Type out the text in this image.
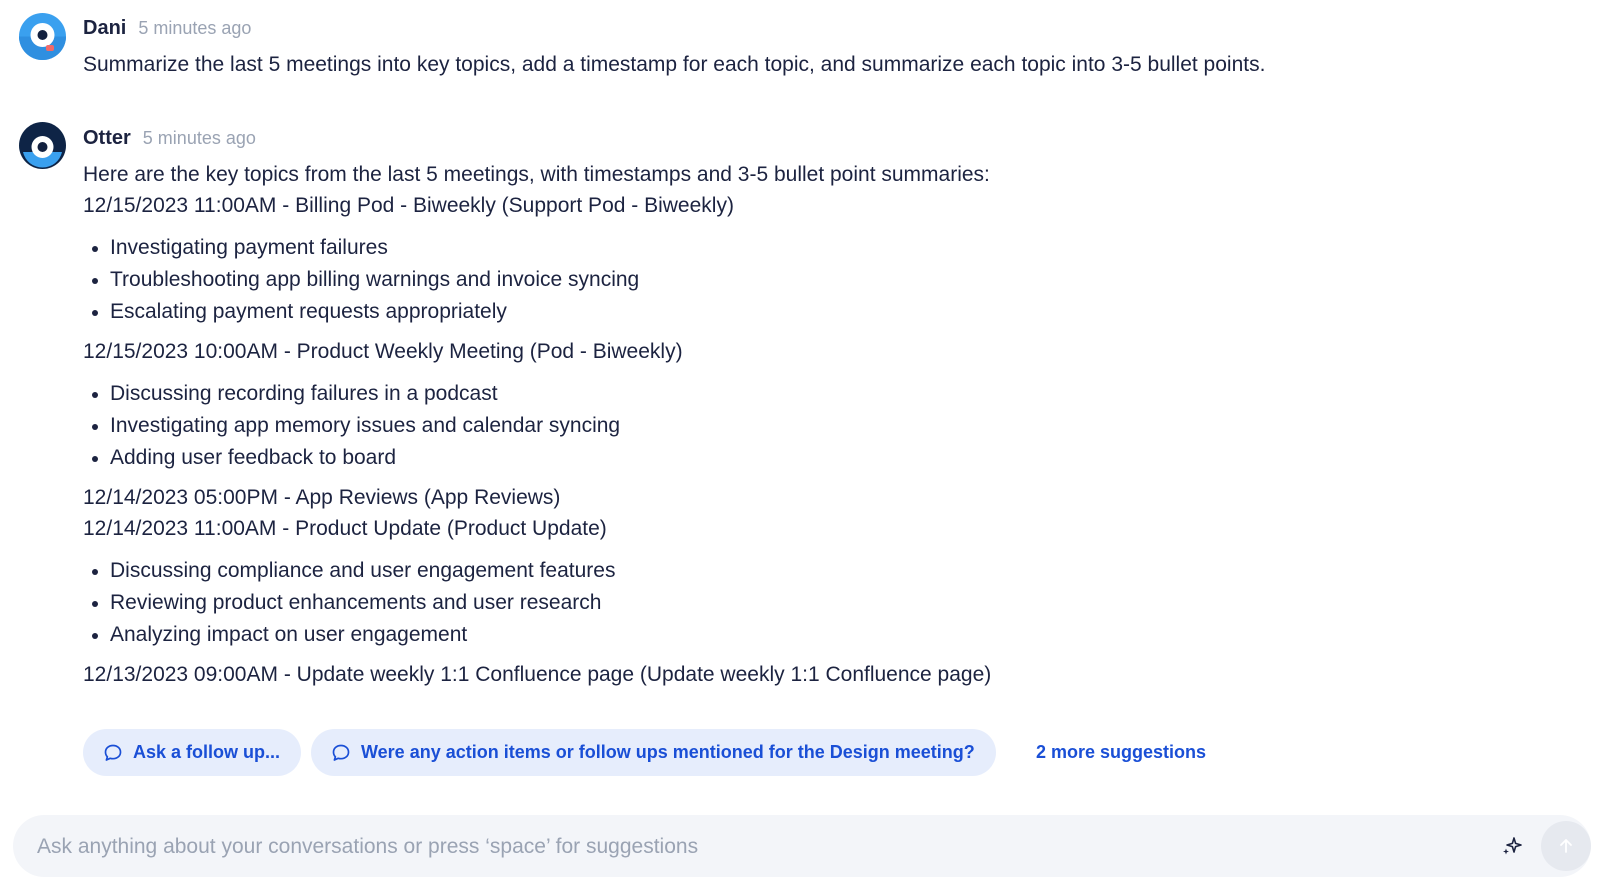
Dani 5 minutes ago
Summarize the last 5 meetings into key topics, add a timestamp for each topic, and summarize each topic into 3-5 bullet points.
Otter 5 minutes ago
Here are the key topics from the last 5 meetings, with timestamps and 3-5 bullet point summaries:
12/15/2023 11:00AM - Billing Pod - Biweekly (Support Pod - Biweekly)
Investigating payment failures
Troubleshooting app billing warnings and invoice syncing
Escalating payment requests appropriately
12/15/2023 10:00AM - Product Weekly Meeting (Pod - Biweekly)
Discussing recording failures in a podcast
Investigating app memory issues and calendar syncing
Adding user feedback to board
12/14/2023 05:00PM - App Reviews (App Reviews)
12/14/2023 11:00AM - Product Update (Product Update)
Discussing compliance and user engagement features
Reviewing product enhancements and user research
Analyzing impact on user engagement
12/13/2023 09:00AM - Update weekly 1:1 Confluence page (Update weekly 1:1 Confluence page)
Ask a follow up...	Were any action items or follow ups mentioned for the Design meeting?	2 more suggestions
Ask anything about your conversations or press ‘space’ for suggestions
